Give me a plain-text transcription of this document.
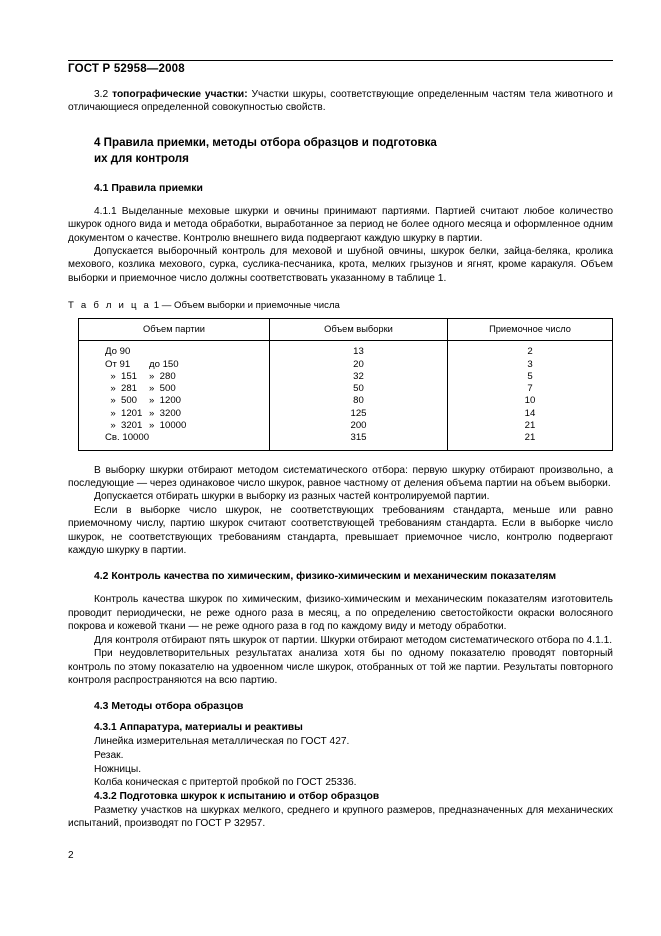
ГОСТ Р 52958—2008

3.2 топографические участки: Участки шкуры, соответствующие определенным частям тела животного и отличающиеся определенной совокупностью свойств.

4 Правила приемки, методы отбора образцов и подготовка

их для контроля

4.1 Правила приемки

4.1.1 Выделанные меховые шкурки и овчины принимают партиями. Партией считают любое количество шкурок одного вида и метода обработки, выработанное за период не более одного месяца и оформленное одним документом о качестве. Контролю внешнего вида подвергают каждую шкурку в партии.

Допускается выборочный контроль для меховой и шубной овчины, шкурок белки, зайца-беляка, кролика мехового, козлика мехового, сурка, суслика-песчаника, крота, мелких грызунов и ягнят, кроме каракуля. Объем выборки и приемочное число должны соответствовать указанному в таблице 1.

Т а б л и ц а 1 — Объем выборки и приемочные числа

Объем партии	Объем выборки	Приемочное число

До 90	13	2

От 91 до 150	20	3

»  151 »  280	32	5

»  281 »  500	50	7

»  500 »  1200	80	10

»  1201 »  3200	125	14

»  3201 »  10000	200	21

Св. 10000	315	21

В выборку шкурки отбирают методом систематического отбора: первую шкурку отбирают произвольно, а последующие — через одинаковое число шкурок, равное частному от деления объема партии на объем выборки.

Допускается отбирать шкурки в выборку из разных частей контролируемой партии.

Если в выборке число шкурок, не соответствующих требованиям стандарта, меньше или равно приемочному числу, партию шкурок считают соответствующей требованиям стандарта. Если в выборке число шкурок, не соответствующих требованиям стандарта, превышает приемочное число, контролю подвергают каждую шкурку в партии.

4.2 Контроль качества по химическим, физико-химическим и механическим показателям

Контроль качества шкурок по химическим, физико-химическим и механическим показателям изготовитель проводит периодически, не реже одного раза в месяц, а по определению светостойкости окраски волосяного покрова и кожевой ткани — не реже одного раза в год по каждому виду и методу обработки.

Для контроля отбирают пять шкурок от партии. Шкурки отбирают методом систематического отбора по 4.1.1.

При неудовлетворительных результатах анализа хотя бы по одному показателю проводят повторный контроль по этому показателю на удвоенном числе шкурок, отобранных от той же партии. Результаты повторного контроля распространяются на всю партию.

4.3 Методы отбора образцов

4.3.1 Аппаратура, материалы и реактивы

Линейка измерительная металлическая по ГОСТ 427.

Резак.

Ножницы.

Колба коническая с притертой пробкой по ГОСТ 25336.

4.3.2 Подготовка шкурок к испытанию и отбор образцов

Разметку участков на шкурках мелкого, среднего и крупного размеров, предназначенных для механических испытаний, производят по ГОСТ Р 32957.

2
